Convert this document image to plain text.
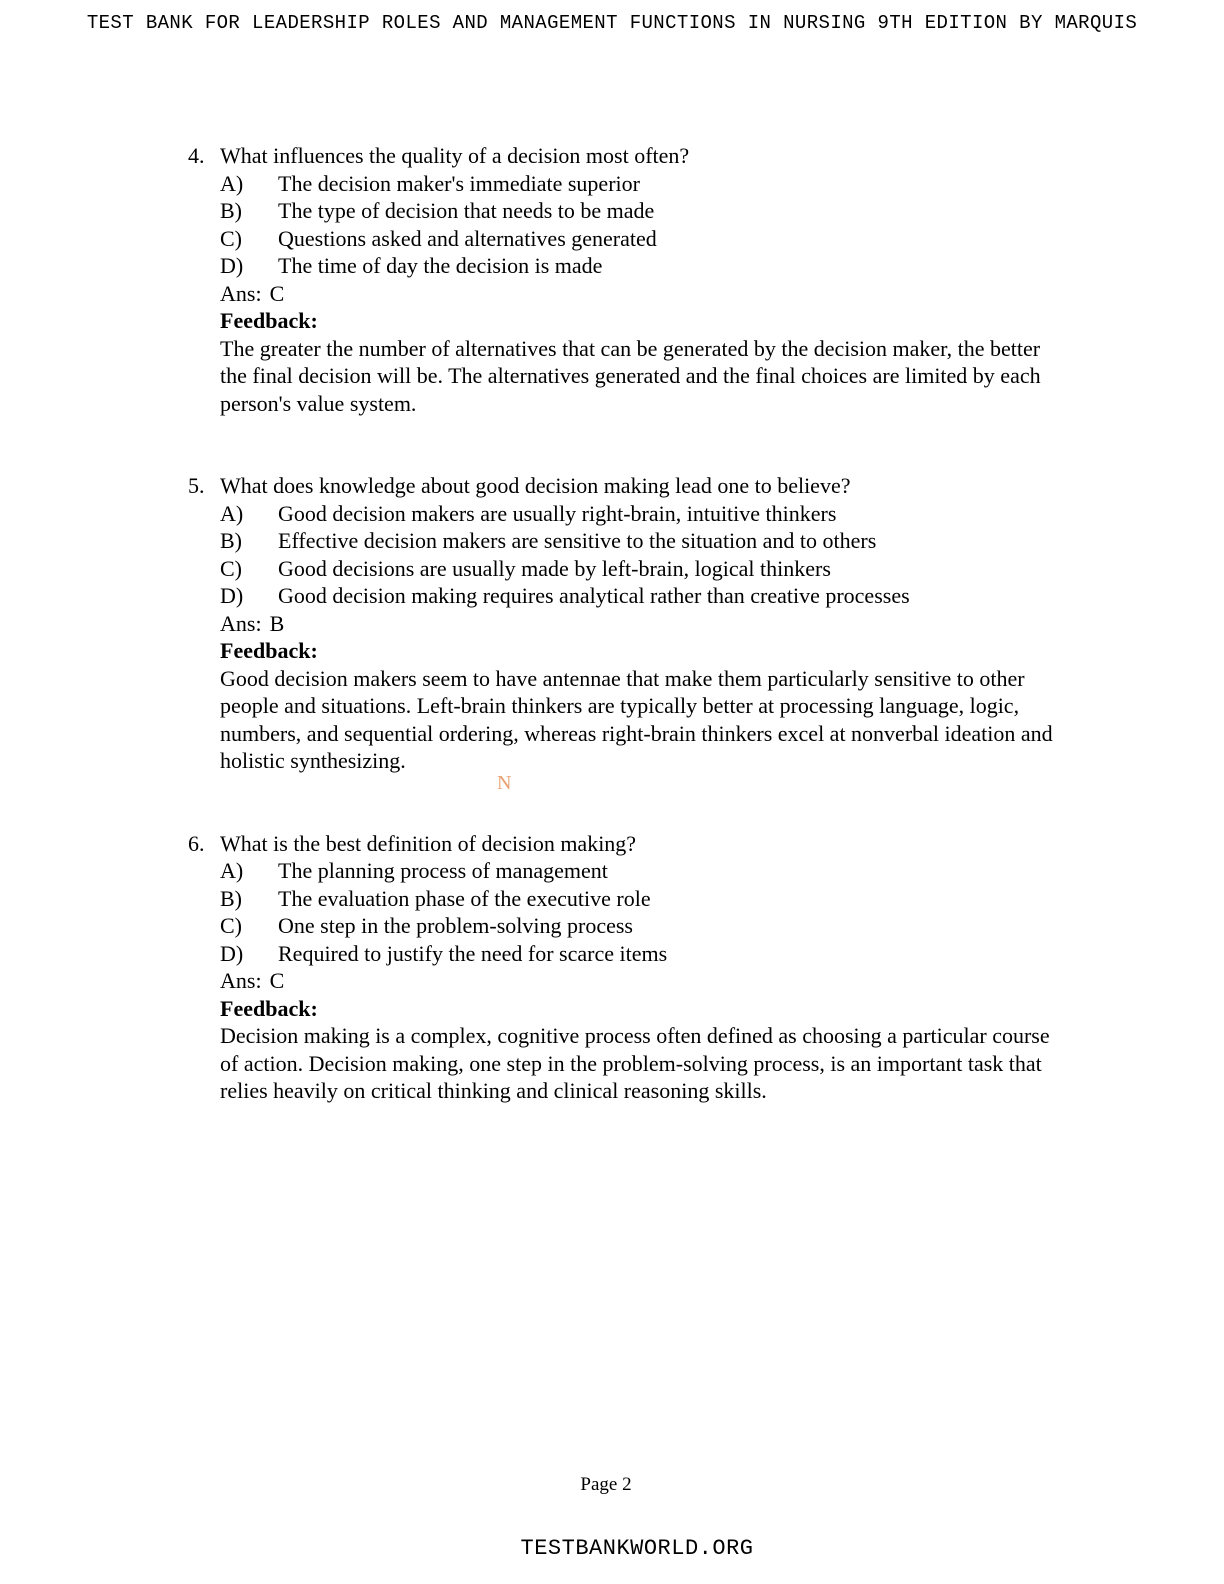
TEST BANK FOR LEADERSHIP ROLES AND MANAGEMENT FUNCTIONS IN NURSING 9TH EDITION BY MARQUIS
4. What influences the quality of a decision most often?
A)	The decision maker's immediate superior
B)	The type of decision that needs to be made
C)	Questions asked and alternatives generated
D)	The time of day the decision is made
Ans: C
Feedback:
The greater the number of alternatives that can be generated by the decision maker, the better the final decision will be. The alternatives generated and the final choices are limited by each person's value system.
5. What does knowledge about good decision making lead one to believe?
A)	Good decision makers are usually right-brain, intuitive thinkers
B)	Effective decision makers are sensitive to the situation and to others
C)	Good decisions are usually made by left-brain, logical thinkers
D)	Good decision making requires analytical rather than creative processes
Ans: B
Feedback:
Good decision makers seem to have antennae that make them particularly sensitive to other people and situations. Left-brain thinkers are typically better at processing language, logic, numbers, and sequential ordering, whereas right-brain thinkers excel at nonverbal ideation and holistic synthesizing.
6. What is the best definition of decision making?
A)	The planning process of management
B)	The evaluation phase of the executive role
C)	One step in the problem-solving process
D)	Required to justify the need for scarce items
Ans: C
Feedback:
Decision making is a complex, cognitive process often defined as choosing a particular course of action. Decision making, one step in the problem-solving process, is an important task that relies heavily on critical thinking and clinical reasoning skills.
N
Page 2
TESTBANKWORLD.ORG
